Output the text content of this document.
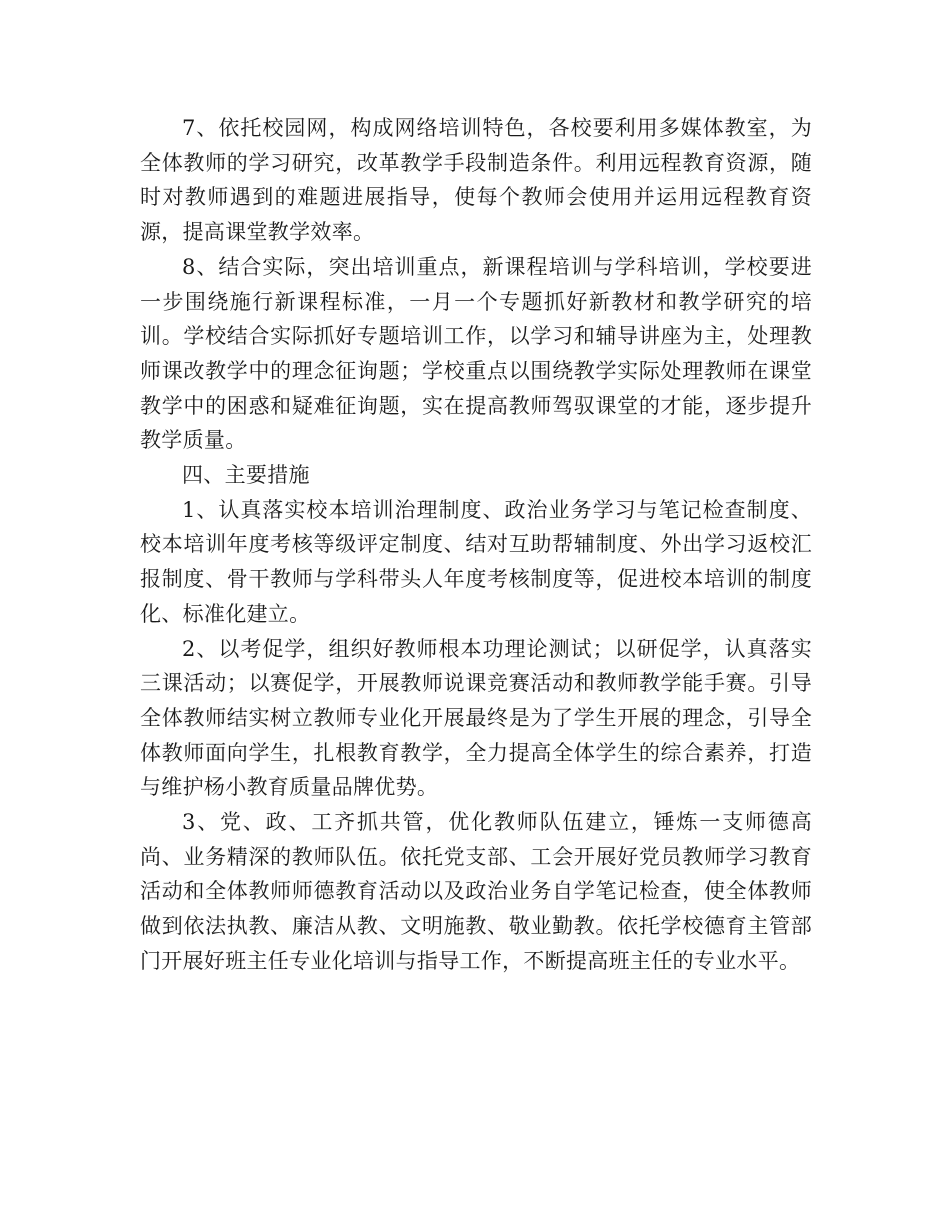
7、依托校园网，构成网络培训特色，各校要利用多媒体教室，为全体教师的学习研究，改革教学手段制造条件。利用远程教育资源，随时对教师遇到的难题进展指导，使每个教师会使用并运用远程教育资源，提高课堂教学效率。

8、结合实际，突出培训重点，新课程培训与学科培训，学校要进一步围绕施行新课程标准，一月一个专题抓好新教材和教学研究的培训。学校结合实际抓好专题培训工作，以学习和辅导讲座为主，处理教师课改教学中的理念征询题；学校重点以围绕教学实际处理教师在课堂教学中的困惑和疑难征询题，实在提高教师驾驭课堂的才能，逐步提升教学质量。

四、主要措施

1、认真落实校本培训治理制度、政治业务学习与笔记检查制度、校本培训年度考核等级评定制度、结对互助帮辅制度、外出学习返校汇报制度、骨干教师与学科带头人年度考核制度等，促进校本培训的制度化、标准化建立。

2、以考促学，组织好教师根本功理论测试；以研促学，认真落实三课活动；以赛促学，开展教师说课竞赛活动和教师教学能手赛。引导全体教师结实树立教师专业化开展最终是为了学生开展的理念，引导全体教师面向学生，扎根教育教学，全力提高全体学生的综合素养，打造与维护杨小教育质量品牌优势。

3、党、政、工齐抓共管，优化教师队伍建立，锤炼一支师德高尚、业务精深的教师队伍。依托党支部、工会开展好党员教师学习教育活动和全体教师师德教育活动以及政治业务自学笔记检查，使全体教师做到依法执教、廉洁从教、文明施教、敬业勤教。依托学校德育主管部门开展好班主任专业化培训与指导工作，不断提高班主任的专业水平。
